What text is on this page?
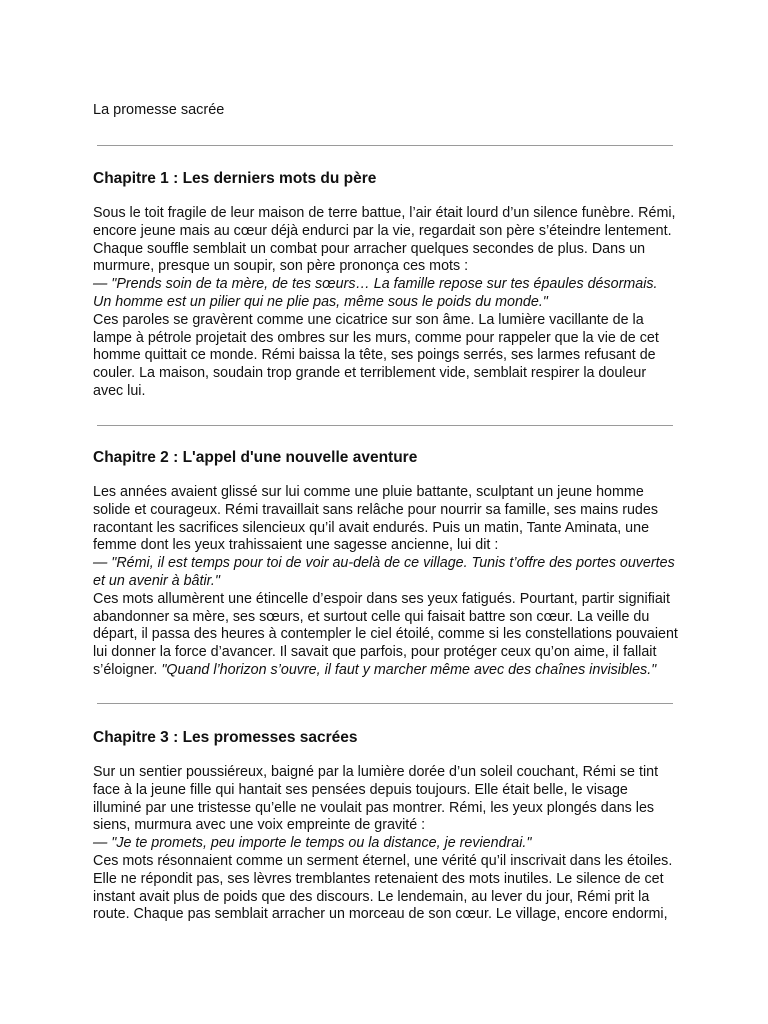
La promesse sacrée
Chapitre 1 : Les derniers mots du père
Sous le toit fragile de leur maison de terre battue, l’air était lourd d’un silence funèbre. Rémi,
encore jeune mais au cœur déjà endurci par la vie, regardait son père s’éteindre lentement.
Chaque souffle semblait un combat pour arracher quelques secondes de plus. Dans un
murmure, presque un soupir, son père prononça ces mots :
— "Prends soin de ta mère, de tes sœurs… La famille repose sur tes épaules désormais.
Un homme est un pilier qui ne plie pas, même sous le poids du monde."
Ces paroles se gravèrent comme une cicatrice sur son âme. La lumière vacillante de la
lampe à pétrole projetait des ombres sur les murs, comme pour rappeler que la vie de cet
homme quittait ce monde. Rémi baissa la tête, ses poings serrés, ses larmes refusant de
couler. La maison, soudain trop grande et terriblement vide, semblait respirer la douleur
avec lui.
Chapitre 2 : L'appel d'une nouvelle aventure
Les années avaient glissé sur lui comme une pluie battante, sculptant un jeune homme
solide et courageux. Rémi travaillait sans relâche pour nourrir sa famille, ses mains rudes
racontant les sacrifices silencieux qu’il avait endurés. Puis un matin, Tante Aminata, une
femme dont les yeux trahissaient une sagesse ancienne, lui dit :
— "Rémi, il est temps pour toi de voir au-delà de ce village. Tunis t’offre des portes ouvertes
et un avenir à bâtir."
Ces mots allumèrent une étincelle d’espoir dans ses yeux fatigués. Pourtant, partir signifiait
abandonner sa mère, ses sœurs, et surtout celle qui faisait battre son cœur. La veille du
départ, il passa des heures à contempler le ciel étoilé, comme si les constellations pouvaient
lui donner la force d’avancer. Il savait que parfois, pour protéger ceux qu’on aime, il fallait
s’éloigner. "Quand l’horizon s’ouvre, il faut y marcher même avec des chaînes invisibles."
Chapitre 3 : Les promesses sacrées
Sur un sentier poussiéreux, baigné par la lumière dorée d’un soleil couchant, Rémi se tint
face à la jeune fille qui hantait ses pensées depuis toujours. Elle était belle, le visage
illuminé par une tristesse qu’elle ne voulait pas montrer. Rémi, les yeux plongés dans les
siens, murmura avec une voix empreinte de gravité :
— "Je te promets, peu importe le temps ou la distance, je reviendrai."
Ces mots résonnaient comme un serment éternel, une vérité qu’il inscrivait dans les étoiles.
Elle ne répondit pas, ses lèvres tremblantes retenaient des mots inutiles. Le silence de cet
instant avait plus de poids que des discours. Le lendemain, au lever du jour, Rémi prit la
route. Chaque pas semblait arracher un morceau de son cœur. Le village, encore endormi,
